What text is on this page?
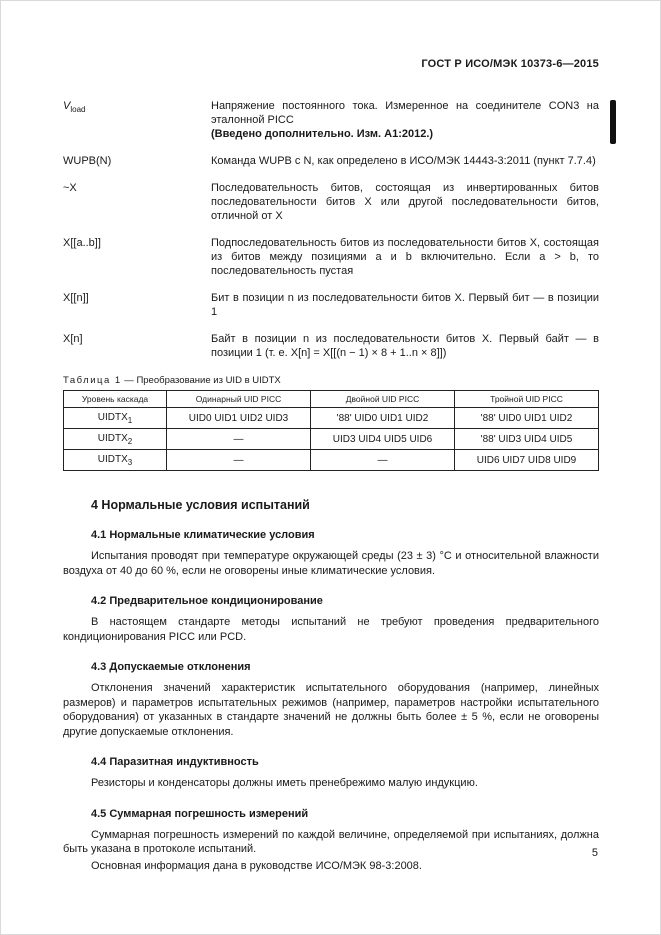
ГОСТ Р ИСО/МЭК 10373-6—2015
$V_{load}$	Напряжение постоянного тока. Измеренное на соединителе CON3 на эталонной PICC
(Введено дополнительно. Изм. А1:2012.)
WUPB(N)	Команда WUPB с N, как определено в ИСО/МЭК 14443-3:2011 (пункт 7.7.4)
~X	Последовательность битов, состоящая из инвертированных битов последовательности битов X или другой последовательности битов, отличной от X
X[[a..b]]	Подпоследовательность битов из последовательности битов X, состоящая из битов между позициями a и b включительно. Если a > b, то последовательность пустая
X[[n]]	Бит в позиции n из последовательности битов X. Первый бит — в позиции 1
X[n]	Байт в позиции n из последовательности битов X. Первый байт — в позиции 1 (т. е. X[n] = X[[(n − 1) × 8 + 1..n × 8]])
Таблица 1 — Преобразование из UID в UIDTX
Уровень каскада	Одинарный UID PICC	Двойной UID PICC	Тройной UID PICC
$UIDTX_1$	UID0 UID1 UID2 UID3	'88' UID0 UID1 UID2	'88' UID0 UID1 UID2
$UIDTX_2$	—	UID3 UID4 UID5 UID6	'88' UID3 UID4 UID5
$UIDTX_3$	—	—	UID6 UID7 UID8 UID9
4 Нормальные условия испытаний
4.1 Нормальные климатические условия
Испытания проводят при температуре окружающей среды (23 ± 3) °С и относительной влажности воздуха от 40 до 60 %, если не оговорены иные климатические условия.
4.2 Предварительное кондиционирование
В настоящем стандарте методы испытаний не требуют проведения предварительного кондиционирования PICC или PCD.
4.3 Допускаемые отклонения
Отклонения значений характеристик испытательного оборудования (например, линейных размеров) и параметров испытательных режимов (например, параметров настройки испытательного оборудования) от указанных в стандарте значений не должны быть более ± 5 %, если не оговорены другие допускаемые отклонения.
4.4 Паразитная индуктивность
Резисторы и конденсаторы должны иметь пренебрежимо малую индукцию.
4.5 Суммарная погрешность измерений
Суммарная погрешность измерений по каждой величине, определяемой при испытаниях, должна быть указана в протоколе испытаний.
Основная информация дана в руководстве ИСО/МЭК 98-3:2008.
5
